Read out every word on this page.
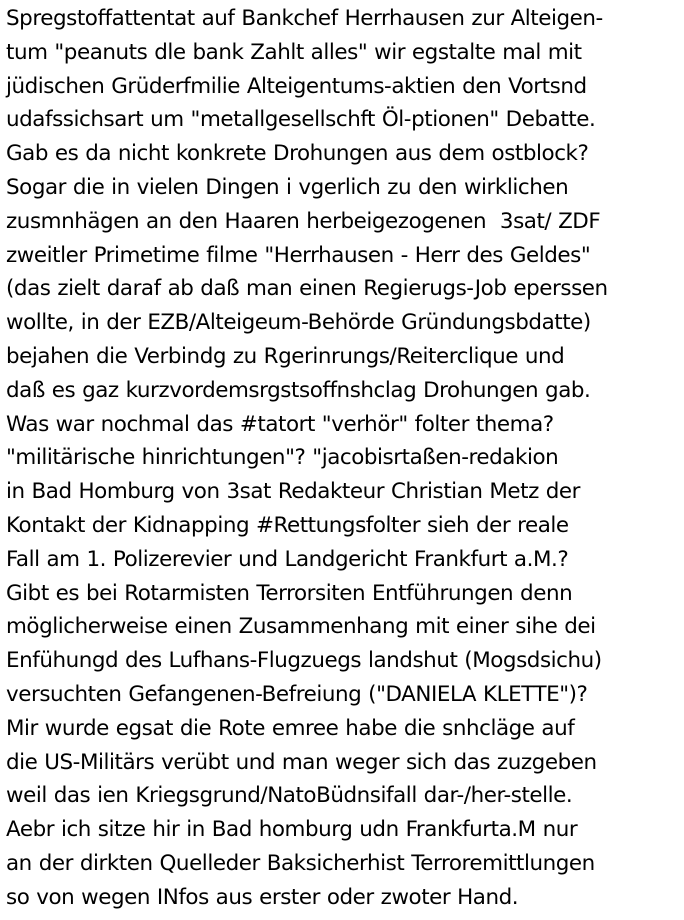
Spregstoffattentat auf Bankchef Herrhausen zur Alteigen-
tum "peanuts dle bank Zahlt alles" wir egstalte mal mit
jüdischen Grüderfmilie Alteigentums-aktien den Vortsnd
udafssichsart um "metallgesellschft Öl-ptionen" Debatte.
Gab es da nicht konkrete Drohungen aus dem ostblock?
Sogar die in vielen Dingen i vgerlich zu den wirklichen
zusmnhägen an den Haaren herbeigezogenen  3sat/ ZDF
zweitler Primetime filme "Herrhausen - Herr des Geldes"
(das zielt daraf ab daß man einen Regierugs-Job eperssen
wollte, in der EZB/Alteigeum-Behörde Gründungsbdatte)
bejahen die Verbindg zu Rgerinrungs/Reiterclique und
daß es gaz kurzvordemsrgstsoffnshclag Drohungen gab.
Was war nochmal das #tatort "verhör" folter thema?
"militärische hinrichtungen"? "jacobisrtaßen-redakion
in Bad Homburg von 3sat Redakteur Christian Metz der
Kontakt der Kidnapping #Rettungsfolter sieh der reale
Fall am 1. Polizerevier und Landgericht Frankfurt a.M.?
Gibt es bei Rotarmisten Terrorsiten Entführungen denn
möglicherweise einen Zusammenhang mit einer sihe dei
Enfühungd des Lufhans-Flugzuegs landshut (Mogsdsichu)
versuchten Gefangenen-Befreiung ("DANIELA KLETTE")?
Mir wurde egsat die Rote emree habe die snhcläge auf
die US-Militärs verübt und man weger sich das zuzgeben
weil das ien Kriegsgrund/NatoBüdnsifall dar-/her-stelle.
Aebr ich sitze hir in Bad homburg udn Frankfurta.M nur
an der dirkten Quelleder Baksicherhist Terroremittlungen
so von wegen INfos aus erster oder zwoter Hand.
